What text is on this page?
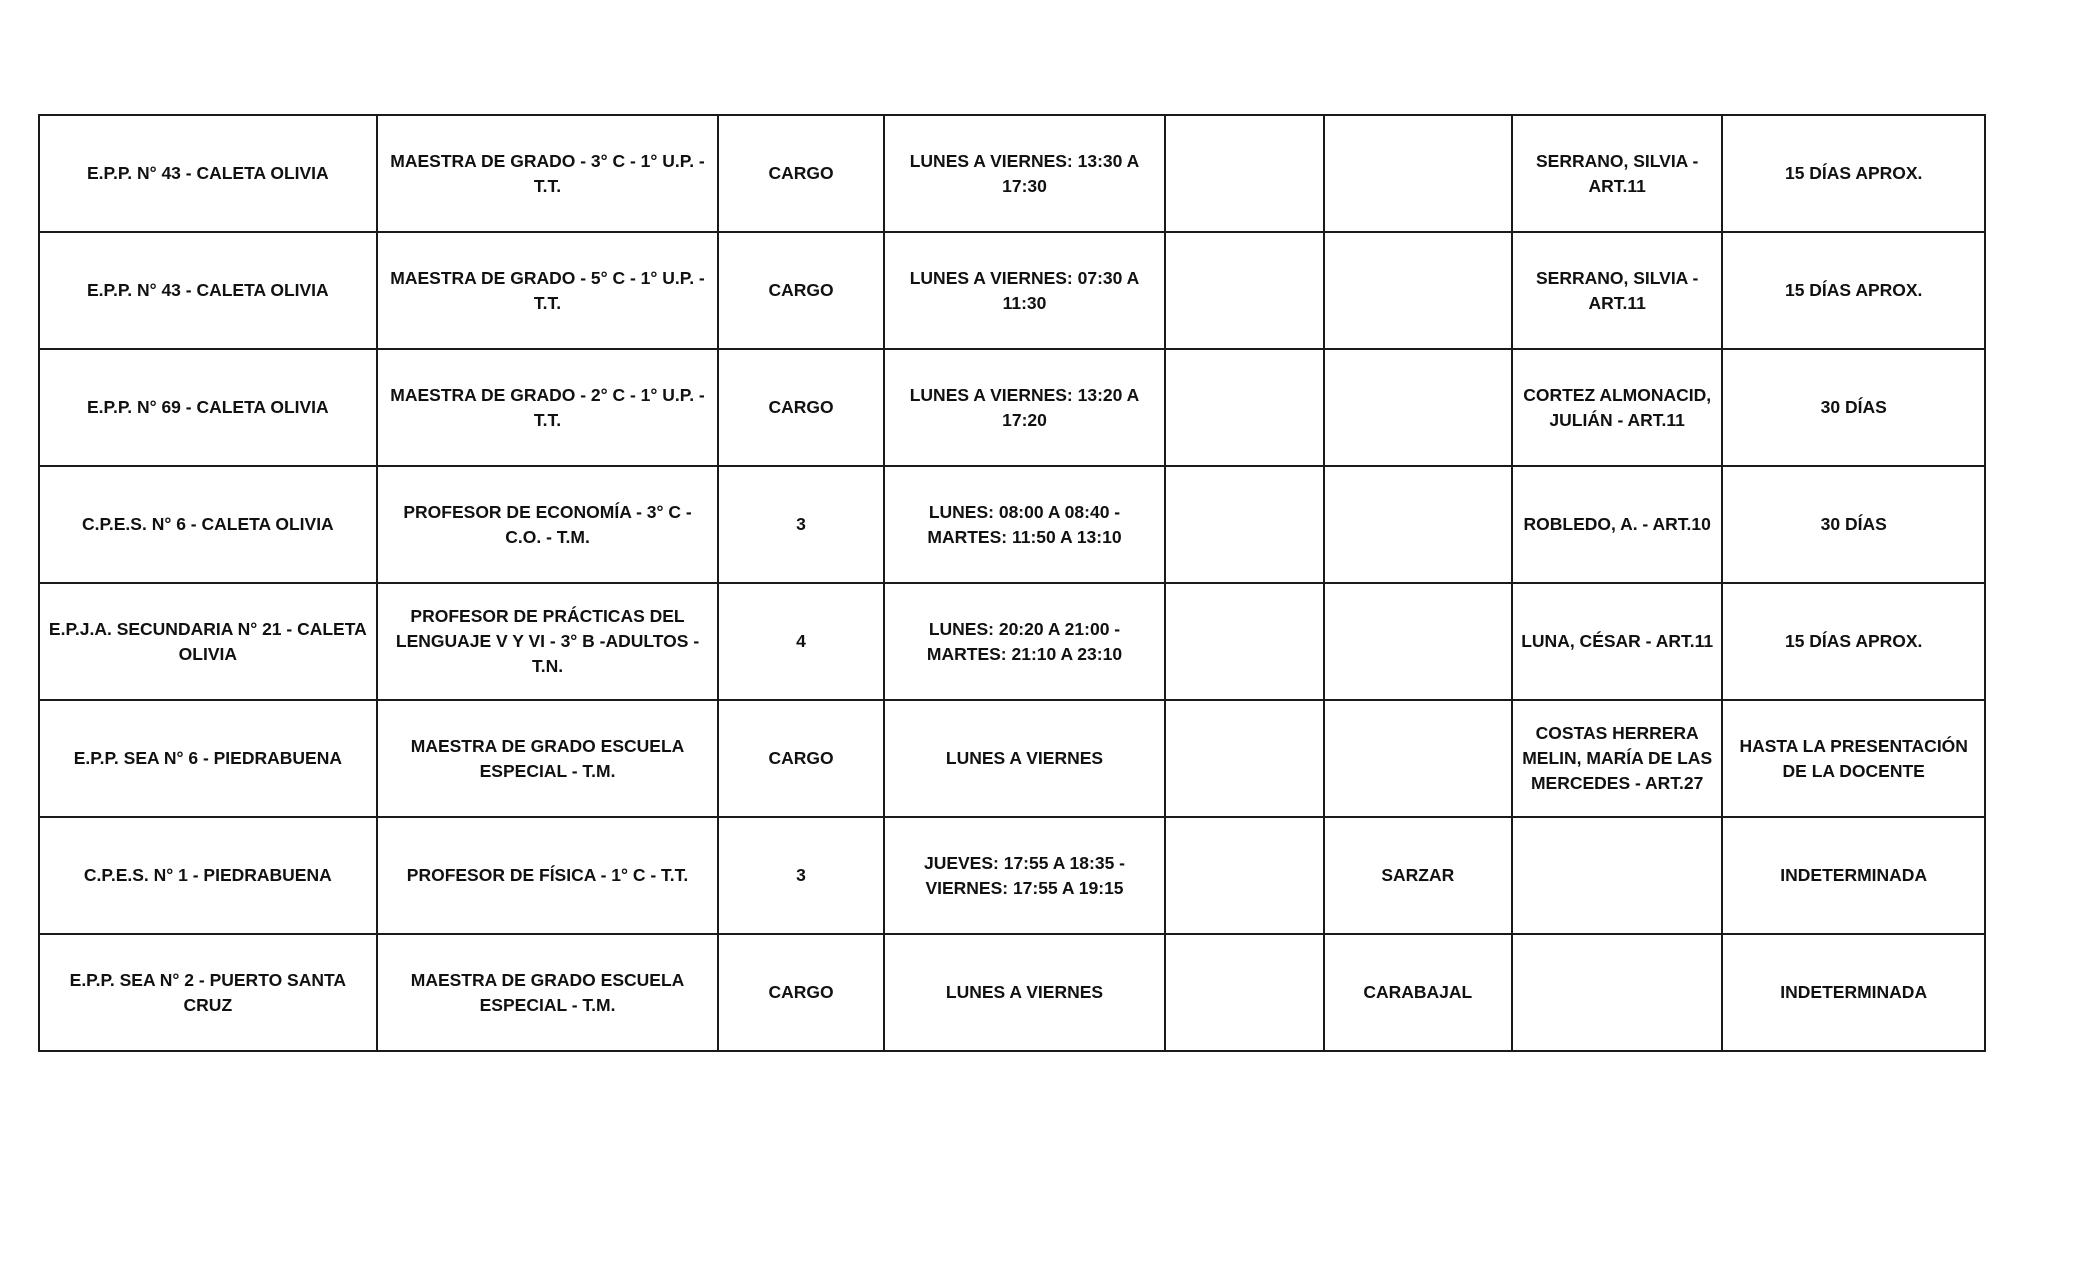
E.P.P. N° 43 - CALETA OLIVIA	MAESTRA DE GRADO - 3° C - 1° U.P. - T.T.	CARGO	LUNES A VIERNES: 13:30 A 17:30			SERRANO, SILVIA - ART.11	15 DÍAS APROX.
E.P.P. N° 43 - CALETA OLIVIA	MAESTRA DE GRADO - 5° C - 1° U.P. - T.T.	CARGO	LUNES A VIERNES: 07:30 A 11:30			SERRANO, SILVIA - ART.11	15 DÍAS APROX.
E.P.P. N° 69 - CALETA OLIVIA	MAESTRA DE GRADO - 2° C - 1° U.P. - T.T.	CARGO	LUNES A VIERNES: 13:20 A 17:20			CORTEZ ALMONACID, JULIÁN - ART.11	30 DÍAS
C.P.E.S. N° 6 - CALETA OLIVIA	PROFESOR DE ECONOMÍA - 3° C - C.O. - T.M.	3	LUNES: 08:00 A 08:40 - MARTES: 11:50 A 13:10			ROBLEDO, A. - ART.10	30 DÍAS
E.P.J.A. SECUNDARIA N° 21 - CALETA OLIVIA	PROFESOR DE PRÁCTICAS DEL LENGUAJE V Y VI - 3° B -ADULTOS - T.N.	4	LUNES: 20:20 A 21:00 - MARTES: 21:10 A 23:10			LUNA, CÉSAR - ART.11	15 DÍAS APROX.
E.P.P. SEA N° 6 - PIEDRABUENA	MAESTRA DE GRADO ESCUELA ESPECIAL - T.M.	CARGO	LUNES A VIERNES			COSTAS HERRERA MELIN, MARÍA DE LAS MERCEDES - ART.27	HASTA LA PRESENTACIÓN DE LA DOCENTE
C.P.E.S. N° 1 - PIEDRABUENA	PROFESOR DE FÍSICA - 1° C - T.T.	3	JUEVES: 17:55 A 18:35 - VIERNES: 17:55 A 19:15		SARZAR		INDETERMINADA
E.P.P. SEA N° 2 - PUERTO SANTA CRUZ	MAESTRA DE GRADO ESCUELA ESPECIAL - T.M.	CARGO	LUNES A VIERNES		CARABAJAL		INDETERMINADA
